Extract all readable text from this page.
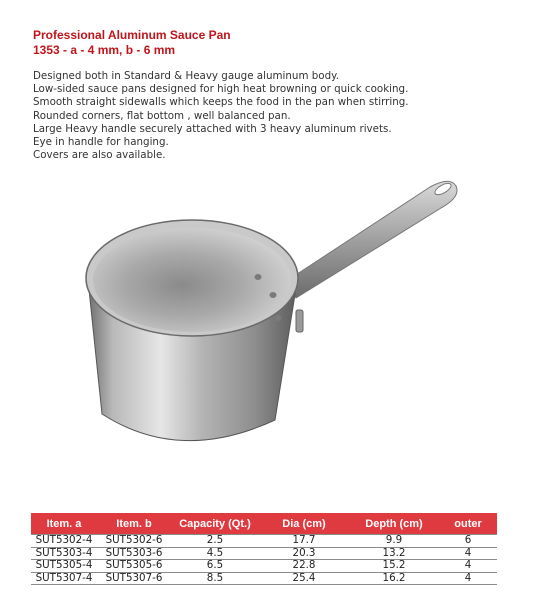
Professional Aluminum Sauce Pan
1353 - a - 4 mm, b - 6 mm
Designed both in Standard & Heavy gauge aluminum body.
Low-sided sauce pans designed for high heat browning or quick cooking.
Smooth straight sidewalls which keeps the food in the pan when stirring.
Rounded corners, flat bottom , well balanced pan.
Large Heavy handle securely attached with 3 heavy aluminum rivets.
Eye in handle for hanging.
Covers are also available.
Item. a	Item. b	Capacity (Qt.)	Dia (cm)	Depth (cm)	outer
SUT5302-4	SUT5302-6	2.5	17.7	9.9	6
SUT5303-4	SUT5303-6	4.5	20.3	13.2	4
SUT5305-4	SUT5305-6	6.5	22.8	15.2	4
SUT5307-4	SUT5307-6	8.5	25.4	16.2	4
